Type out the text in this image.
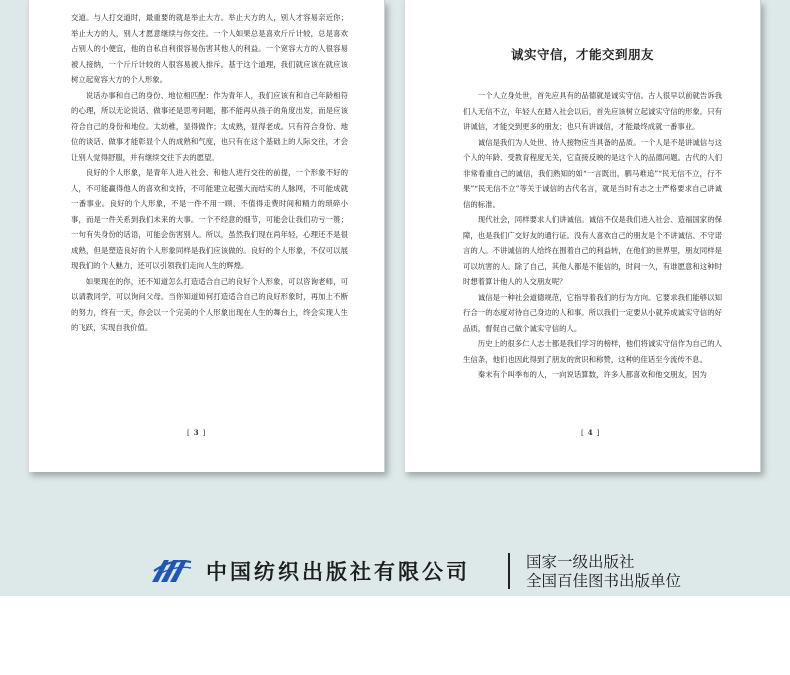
交道。与人打交道时，最重要的就是举止大方。举止大方的人，别人才容易亲近你；举止大方的人，别人才愿意继续与你交往。一个人如果总是喜欢斤斤计较，总是喜欢占别人的小便宜，他的自私自利很容易伤害其他人的利益。一个宽容大方的人很容易被人接纳，一个斤斤计较的人很容易被人排斥。基于这个道理，我们就应该在就应该树立起宽容大方的个人形象。

说话办事和自己的身份、地位相匹配：作为青年人，我们应该有和自己年龄相符的心理，所以无论说话、做事还是思考问题，都不能再从孩子的角度出发，而是应该符合自己的身份和地位。太幼稚，显得做作；太成熟，显得老成。只有符合身份、地位的谈话、做事才能彰显个人的成熟和气度，也只有在这个基础上的人际交往，才会让别人觉得舒服，并有继续交往下去的愿望。

良好的个人形象，是青年人进入社会、和他人进行交往的前提，一个形象不好的人，不可能赢得他人的喜欢和支持，不可能建立起强大而结实的人脉网，不可能成就一番事业。良好的个人形象，不是一件不用一顾、不值得走费时间和精力的琐碎小事，而是一件关系到我们未来的大事。一个不经意的细节，可能会让我们功亏一篑；一句有失身份的话语，可能会伤害别人。所以，虽然我们现在尚年轻，心理还不是很成熟，但是塑造良好的个人形象同样是我们应该做的。良好的个人形象，不仅可以展现我们的个人魅力，还可以引领我们走向人生的辉煌。

如果现在的你，还不知道怎么打造适合自己的良好个人形象，可以咨询老师，可以请教同学，可以询问父母。当你知道如何打造适合自己的良好形象时，再加上不断的努力，终有一天，你会以一个完美的个人形象出现在人生的舞台上，终会实现人生的飞跃，实现自我价值。

[ 3 ]
诚实守信，才能交到朋友

一个人立身处世，首先应具有的品德就是诚实守信。古人很早以前就告诉我们人无信不立，年轻人在踏入社会以后，首先应该树立起诚实守信的形象。只有讲诚信，才能交到更多的朋友；也只有讲诚信，才能最终成就一番事业。

诚信是我们为人处世、待人接物应当具备的品质。一个人是不是讲诚信与这个人的年龄、受教育程度无关，它直接反映的是这个人的品德问题。古代的人们非常看重自己的诚信，我们熟知的如“一言既出，驷马难追”“民无信不立，行不果”“民无信不立”等关于诚信的古代名言，就是当时有志之士严格要求自己讲诚信的标准。

现代社会，同样要求人们讲诚信。诚信不仅是我们进入社会、造福国家的保障，也是我们广交好友的通行证。没有人喜欢自己的朋友是个不讲诚信、不守诺言的人。不讲诚信的人给终在围着自己的利益转，在他们的世界里，朋友同样是可以坑害的人。除了自己，其他人都是不能信的，时间一久，有谁愿意和这种时时想着算计他人的人交朋友呢？

诚信是一种社会道德规范，它指导着我们的行为方向。它要求我们能够以知行合一的态度对待自己身边的人和事。所以我们一定要从小就养成诚实守信的好品质，督促自己做个诚实守信的人。

历史上的很多仁人志士都是我们学习的榜样，他们将诚实守信作为自己的人生信条，他们也因此得到了朋友的赏识和称赞，这种的佳话至今流传不息。

秦末有个叫季布的人，一向说话算数，许多人都喜欢和他交朋友，因为

[ 4 ]
中国纺织出版社有限公司	国家一级出版社
全国百佳图书出版单位
